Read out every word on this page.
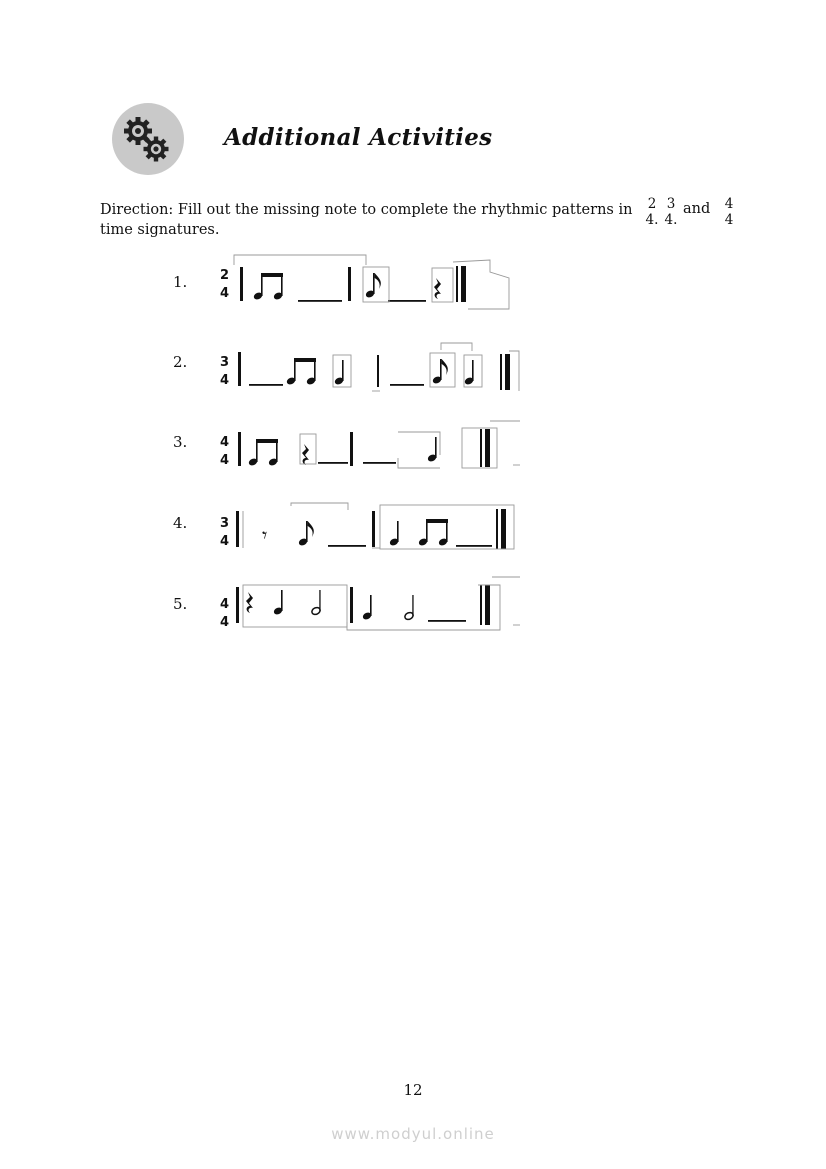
Additional Activities
Direction: Fill out the missing note to complete the rhythmic patterns in
time signatures.
2
4.
3
4.
and 4
4
1.
2.
3.
4.
5.
2
4
3
4
4
4
3
4 𝄾
4
4
12
www.modyul.online
